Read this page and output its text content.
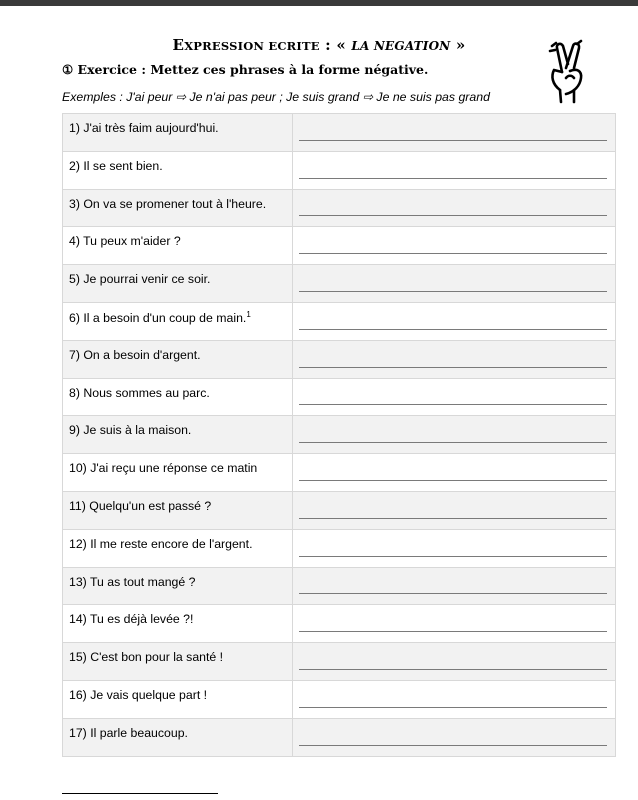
EXPRESSION ECRITE : « LA NEGATION »
① Exercice : Mettez ces phrases à la forme négative.
Exemples : J'ai peur ⇨ Je n'ai pas peur ; Je suis grand ⇨ Je ne suis pas grand
1) J'ai très faim aujourd'hui.	

2) Il se sent bien.	

3) On va se promener tout à l'heure.	

4) Tu peux m'aider ?	

5) Je pourrai venir ce soir.	

6) Il a besoin d'un coup de main.$^1$	

7) On a besoin d'argent.	

8) Nous sommes au parc.	

9) Je suis à la maison.	

10) J'ai reçu une réponse ce matin	

11) Quelqu'un est passé ?	

12) Il me reste encore de l'argent.	

13) Tu as tout mangé ?	

14) Tu es déjà levée ?!	

15) C'est bon pour la santé !	

16) Je vais quelque part !	

17) Il parle beaucoup.	
